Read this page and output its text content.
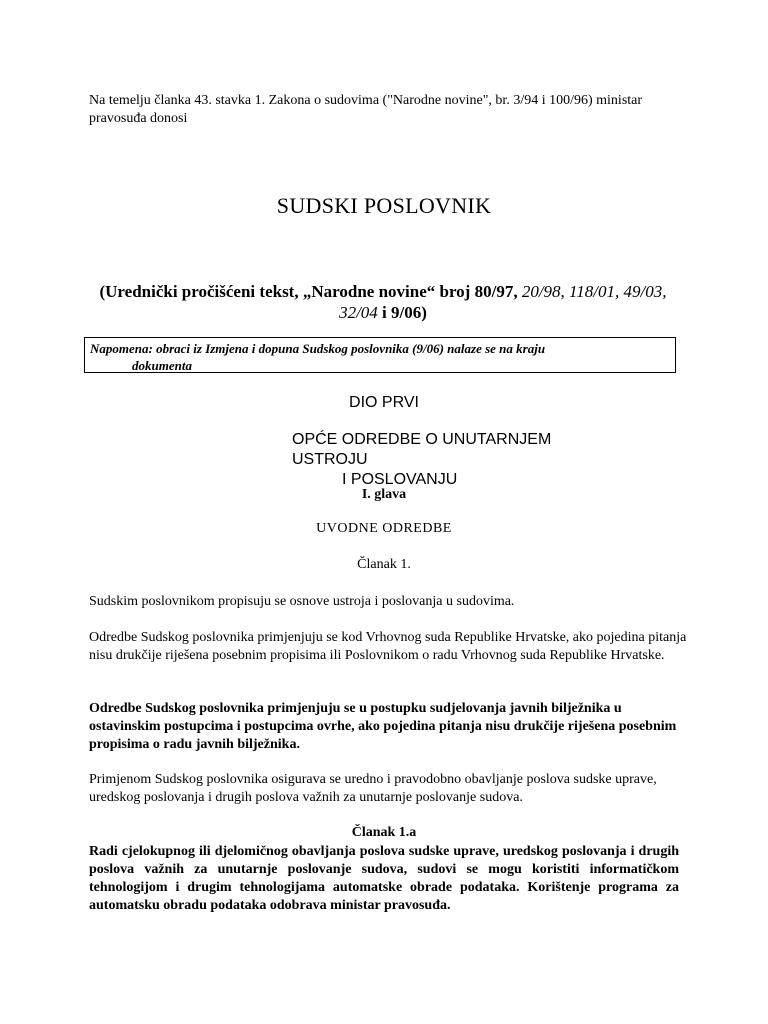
Na temelju članka 43. stavka 1. Zakona o sudovima ("Narodne novine", br. 3/94 i 100/96) ministar pravosuđa donosi

SUDSKI POSLOVNIK
(Urednički pročišćeni tekst, „Narodne novine“ broj 80/97, 20/98, 118/01, 49/03, 32/04 i 9/06)
Napomena: obraci iz Izmjena i dopuna Sudskog poslovnika (9/06) nalaze se na kraju
dokumenta
DIO PRVI
OPĆE ODREDBE O UNUTARNJEM USTROJU
I POSLOVANJU
I. glava
UVODNE ODREDBE
Članak 1.

Sudskim poslovnikom propisuju se osnove ustroja i poslovanja u sudovima.

Odredbe Sudskog poslovnika primjenjuju se kod Vrhovnog suda Republike Hrvatske, ako pojedina pitanja nisu drukčije riješena posebnim propisima ili Poslovnikom o radu Vrhovnog suda Republike Hrvatske.

Odredbe Sudskog poslovnika primjenjuju se u postupku sudjelovanja javnih bilježnika u ostavinskim postupcima i postupcima ovrhe, ako pojedina pitanja nisu drukčije riješena posebnim propisima o radu javnih bilježnika.

Primjenom Sudskog poslovnika osigurava se uredno i pravodobno obavljanje poslova sudske uprave, uredskog poslovanja i drugih poslova važnih za unutarnje poslovanje sudova.

Članak 1.a

Radi cjelokupnog ili djelomičnog obavljanja poslova sudske uprave, uredskog poslovanja i drugih poslova važnih za unutarnje poslovanje sudova, sudovi se mogu koristiti informatičkom tehnologijom i drugim tehnologijama automatske obrade podataka. Korištenje programa za automatsku obradu podataka odobrava ministar pravosuđa.
